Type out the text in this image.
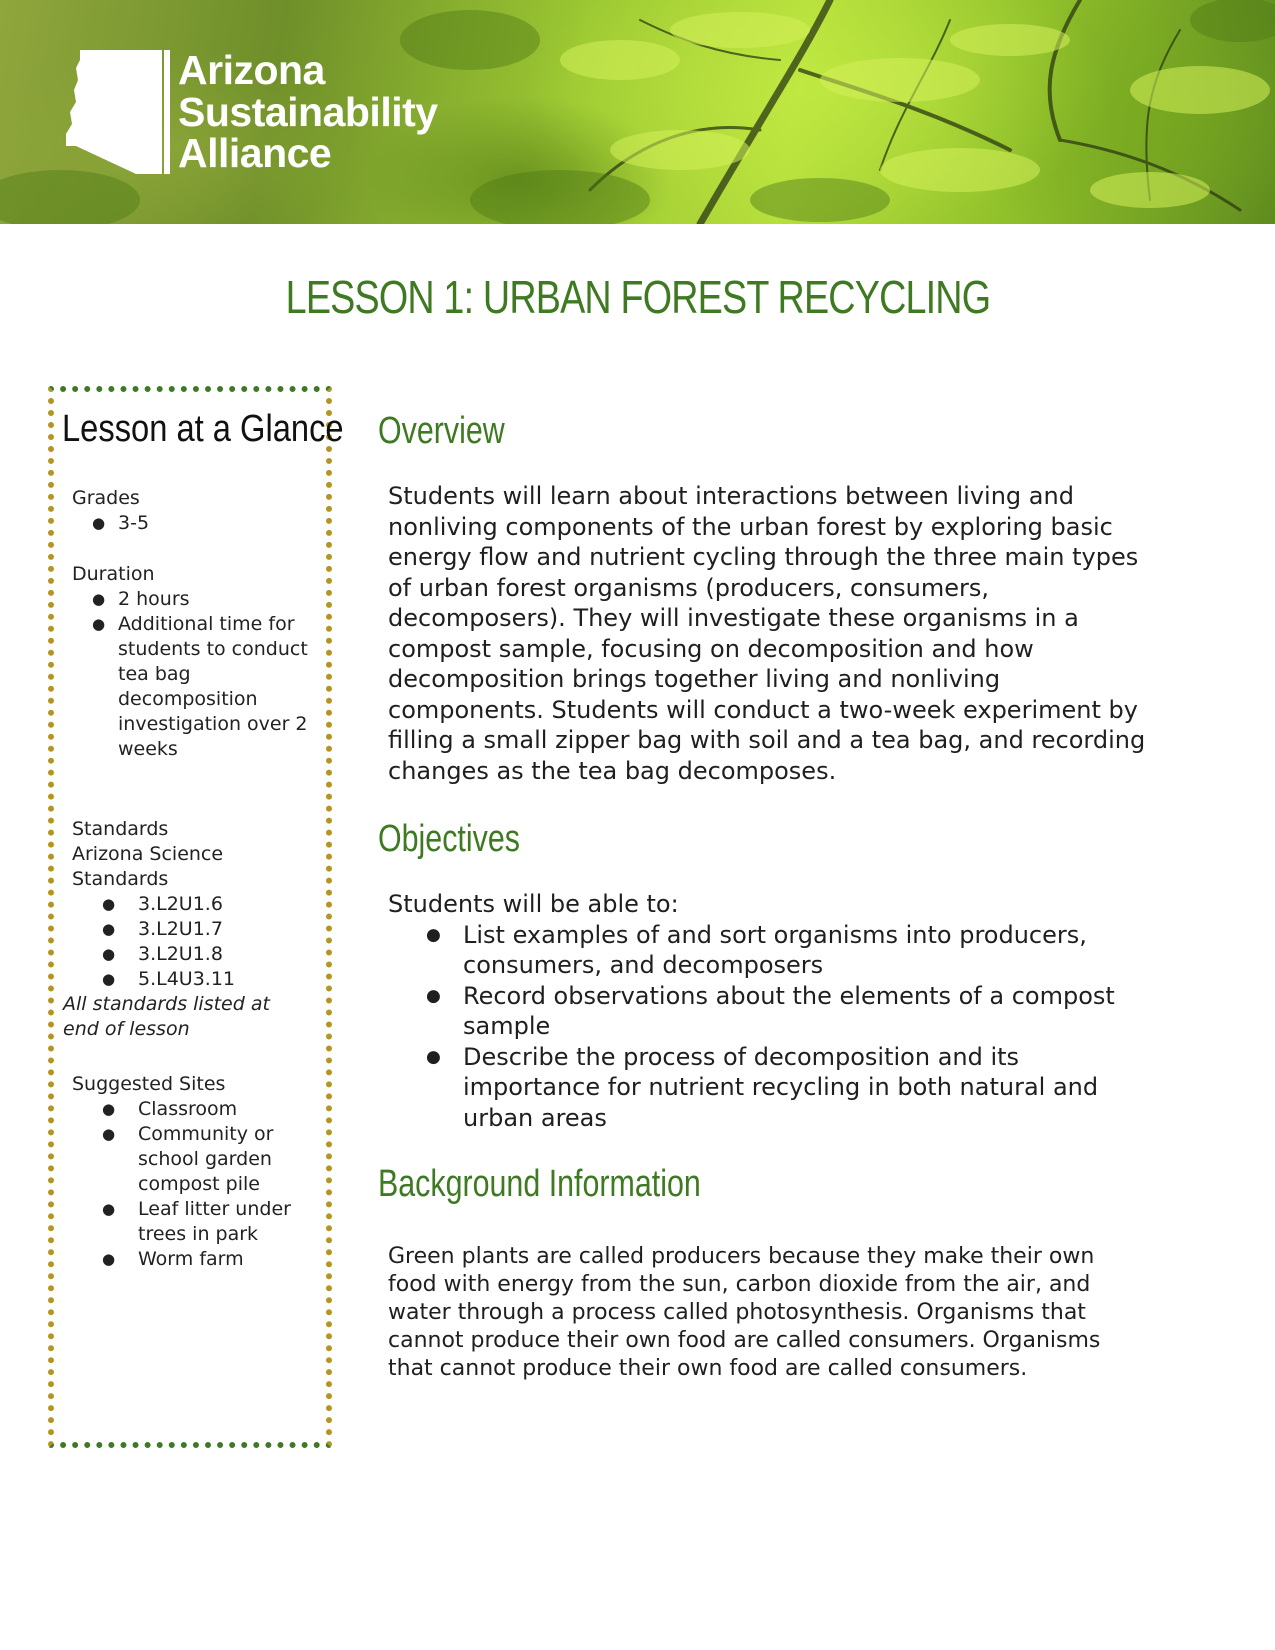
Arizona
Sustainability
Alliance
LESSON 1: URBAN FOREST RECYCLING
Lesson at a Glance

Grades

● 3-5

Duration

● 2 hours
● Additional time for students to conduct tea bag decomposition investigation over 2 weeks

Standards

Arizona Science Standards

● 3.L2U1.6
● 3.L2U1.7
● 3.L2U1.8
● 5.L4U3.11

All standards listed at end of lesson

Suggested Sites

● Classroom
● Community or school garden compost pile
● Leaf litter under trees in park
● Worm farm
Overview
Students will learn about interactions between living and nonliving components of the urban forest by exploring basic energy flow and nutrient cycling through the three main types of urban forest organisms (producers, consumers, decomposers). They will investigate these organisms in a compost sample, focusing on decomposition and how decomposition brings together living and nonliving components. Students will conduct a two-week experiment by filling a small zipper bag with soil and a tea bag, and recording changes as the tea bag decomposes.
Objectives
Students will be able to:
● List examples of and sort organisms into producers, consumers, and decomposers
● Record observations about the elements of a compost sample
● Describe the process of decomposition and its importance for nutrient recycling in both natural and urban areas
Background Information
Green plants are called producers because they make their own food with energy from the sun, carbon dioxide from the air, and water through a process called photosynthesis. Organisms that cannot produce their own food are called consumers. Organisms that cannot produce their own food are called consumers.
